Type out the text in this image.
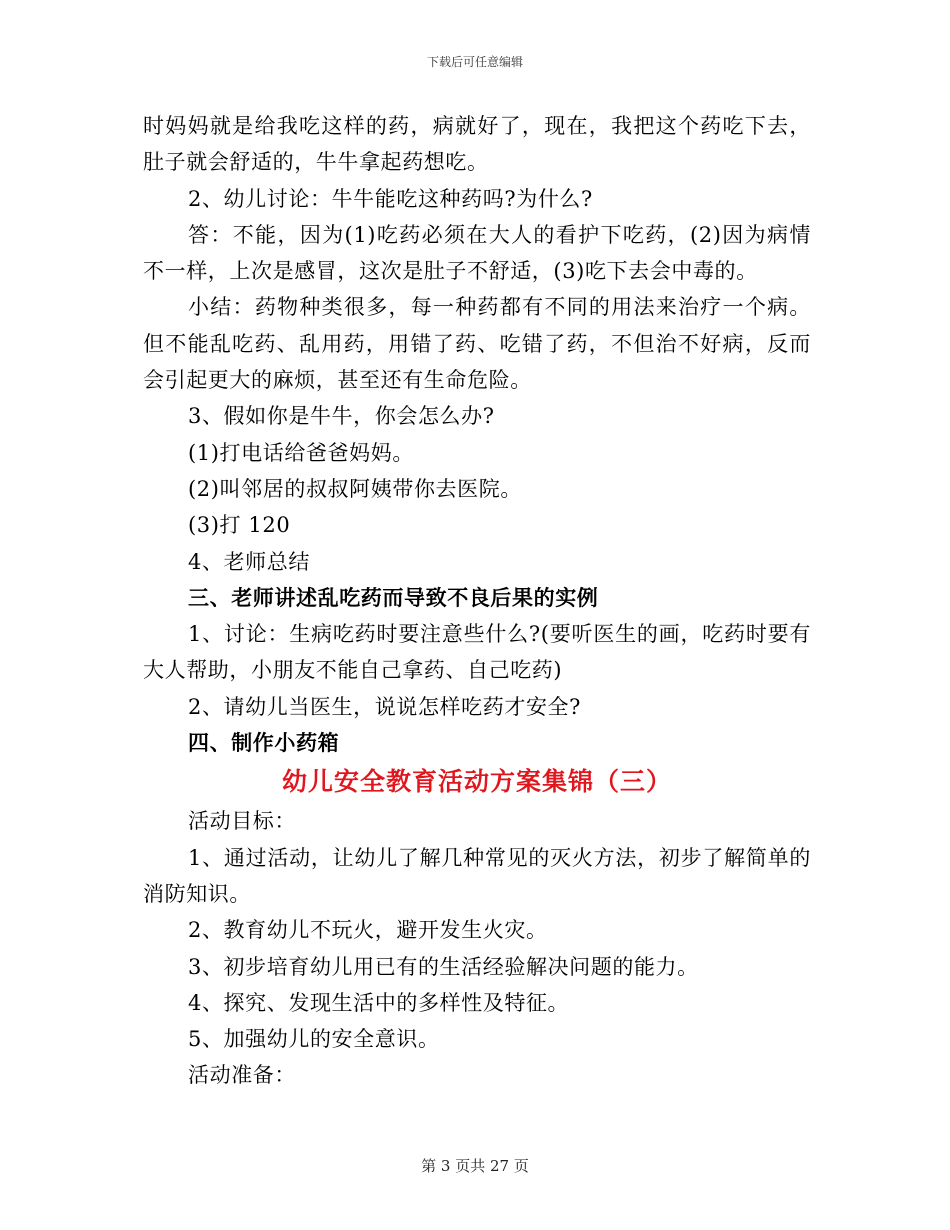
下载后可任意编辑

时妈妈就是给我吃这样的药，病就好了，现在，我把这个药吃下去，肚子就会舒适的，牛牛拿起药想吃。

2、幼儿讨论：牛牛能吃这种药吗?为什么?

答：不能，因为(1)吃药必须在大人的看护下吃药，(2)因为病情不一样，上次是感冒，这次是肚子不舒适，(3)吃下去会中毒的。

小结：药物种类很多，每一种药都有不同的用法来治疗一个病。但不能乱吃药、乱用药，用错了药、吃错了药，不但治不好病，反而会引起更大的麻烦，甚至还有生命危险。

3、假如你是牛牛，你会怎么办?

(1)打电话给爸爸妈妈。

(2)叫邻居的叔叔阿姨带你去医院。

(3)打 120

4、老师总结

三、老师讲述乱吃药而导致不良后果的实例

1、讨论：生病吃药时要注意些什么?(要听医生的画，吃药时要有大人帮助，小朋友不能自己拿药、自己吃药)

2、请幼儿当医生，说说怎样吃药才安全?

四、制作小药箱

幼儿安全教育活动方案集锦（三）

活动目标：

1、通过活动，让幼儿了解几种常见的灭火方法，初步了解简单的消防知识。

2、教育幼儿不玩火，避开发生火灾。

3、初步培育幼儿用已有的生活经验解决问题的能力。

4、探究、发现生活中的多样性及特征。

5、加强幼儿的安全意识。

活动准备：

第 3 页共 27 页
